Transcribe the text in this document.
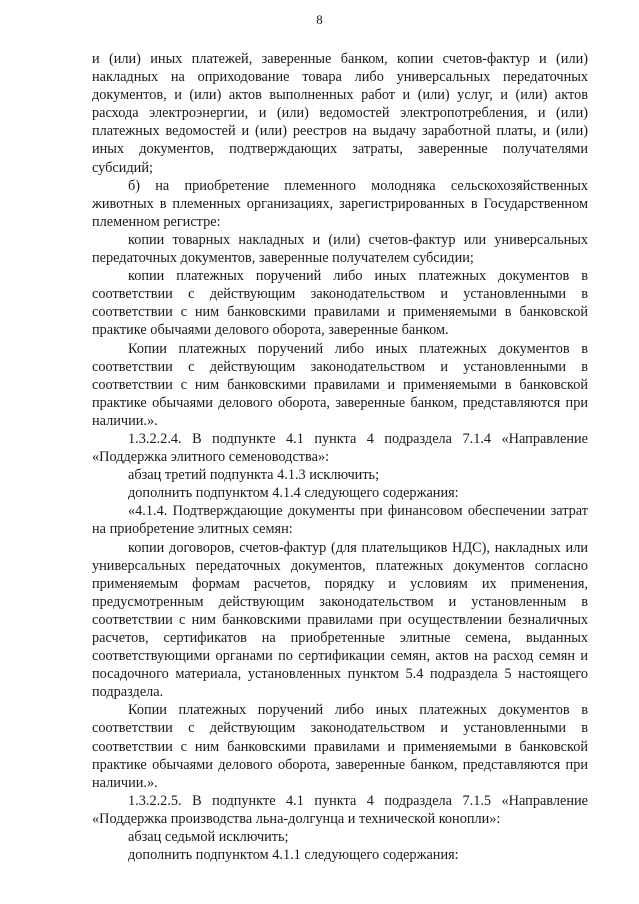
8

и (или) иных платежей, заверенные банком, копии счетов-фактур и (или) накладных на оприходование товара либо универсальных передаточных документов, и (или) актов выполненных работ и (или) услуг, и (или) актов расхода электроэнергии, и (или) ведомостей электропотребления, и (или) платежных ведомостей и (или) реестров на выдачу заработной платы, и (или) иных документов, подтверждающих затраты, заверенные получателями субсидий;

б) на приобретение племенного молодняка сельскохозяйственных животных в племенных организациях, зарегистрированных в Государственном племенном регистре:

копии товарных накладных и (или) счетов-фактур или универсальных передаточных документов, заверенные получателем субсидии;

копии платежных поручений либо иных платежных документов в соответствии с действующим законодательством и установленными в соответствии с ним банковскими правилами и применяемыми в банковской практике обычаями делового оборота, заверенные банком.

Копии платежных поручений либо иных платежных документов в соответствии с действующим законодательством и установленными в соответствии с ним банковскими правилами и применяемыми в банковской практике обычаями делового оборота, заверенные банком, представляются при наличии.».

1.3.2.2.4. В подпункте 4.1 пункта 4 подраздела 7.1.4 «Направление «Поддержка элитного семеноводства»:

абзац третий подпункта 4.1.3 исключить;

дополнить подпунктом 4.1.4 следующего содержания:

«4.1.4. Подтверждающие документы при финансовом обеспечении затрат на приобретение элитных семян:

копии договоров, счетов-фактур (для плательщиков НДС), накладных или универсальных передаточных документов, платежных документов согласно применяемым формам расчетов, порядку и условиям их применения, предусмотренным действующим законодательством и установленным в соответствии с ним банковскими правилами при осуществлении безналичных расчетов, сертификатов на приобретенные элитные семена, выданных соответствующими органами по сертификации семян, актов на расход семян и посадочного материала, установленных пунктом 5.4 подраздела 5 настоящего подраздела.

Копии платежных поручений либо иных платежных документов в соответствии с действующим законодательством и установленными в соответствии с ним банковскими правилами и применяемыми в банковской практике обычаями делового оборота, заверенные банком, представляются при наличии.».

1.3.2.2.5. В подпункте 4.1 пункта 4 подраздела 7.1.5 «Направление «Поддержка производства льна-долгунца и технической конопли»:

абзац седьмой исключить;

дополнить подпунктом 4.1.1 следующего содержания:
